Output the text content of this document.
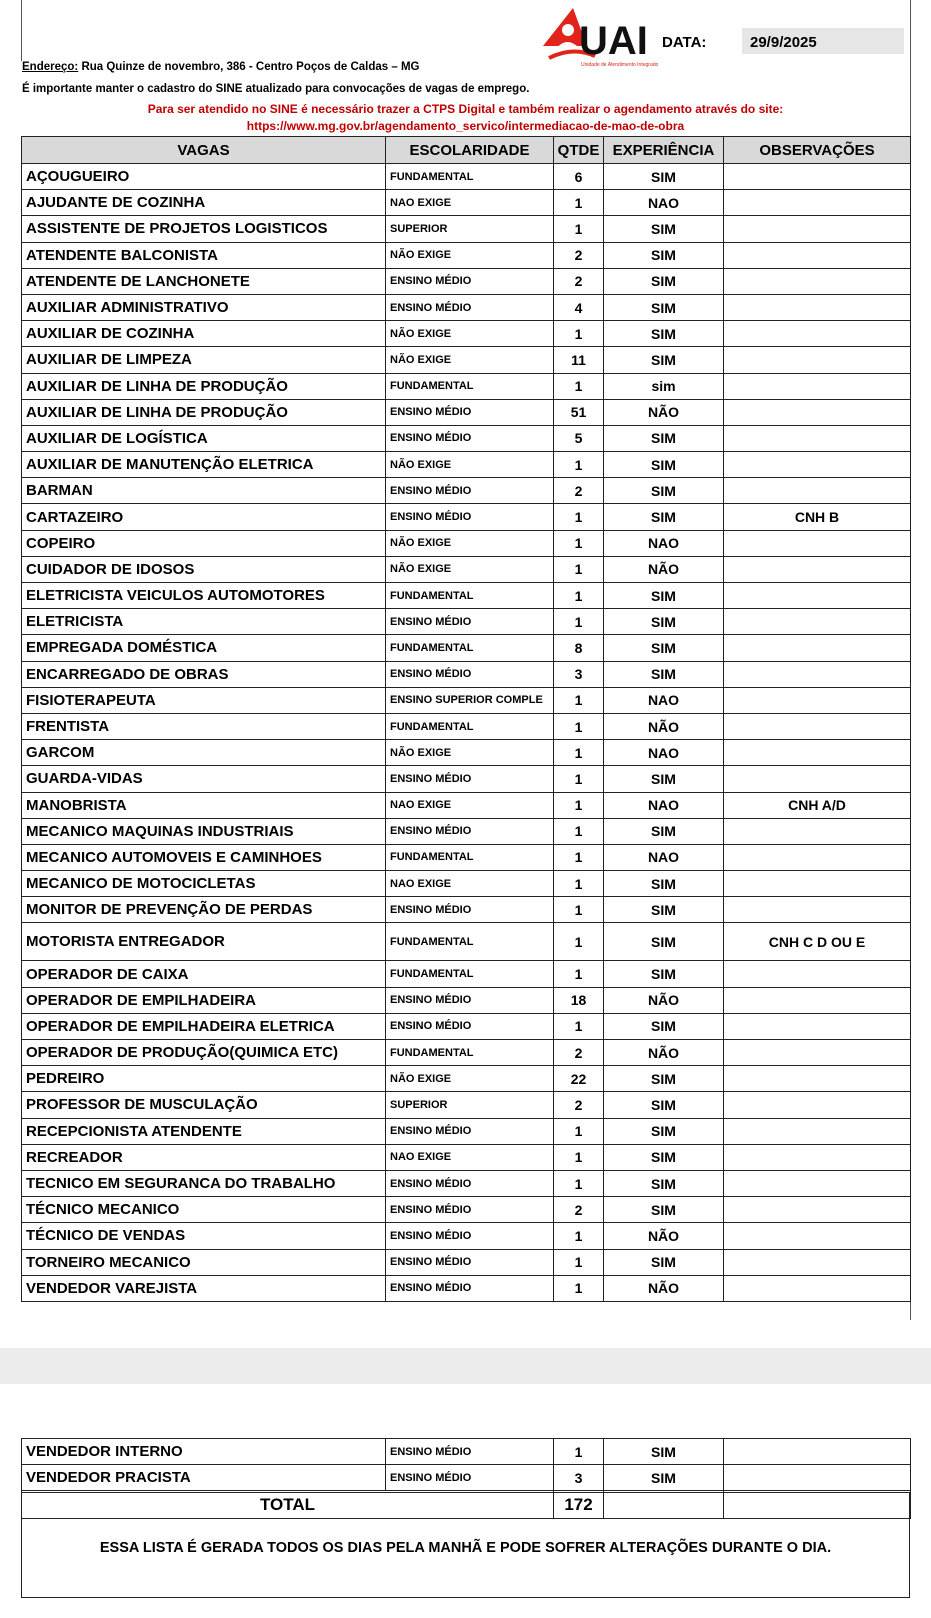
UAI
Unidade de Atendimento Integrado
DATA:	29/9/2025
Endereço: Rua Quinze de novembro, 386 - Centro Poços de Caldas – MG
É importante manter o cadastro do SINE atualizado para convocações de vagas de emprego.
Para ser atendido no SINE é necessário trazer a CTPS Digital e também realizar o agendamento através do site:
https://www.mg.gov.br/agendamento_servico/intermediacao-de-mao-de-obra
VAGAS	ESCOLARIDADE	QTDE	EXPERIÊNCIA	OBSERVAÇÕES
AÇOUGUEIRO	FUNDAMENTAL	6	SIM	
AJUDANTE DE COZINHA	NAO EXIGE	1	NAO	
ASSISTENTE DE PROJETOS LOGISTICOS	SUPERIOR	1	SIM	
ATENDENTE BALCONISTA	NÃO EXIGE	2	SIM	
ATENDENTE DE LANCHONETE	ENSINO MÉDIO	2	SIM	
AUXILIAR ADMINISTRATIVO	ENSINO MÉDIO	4	SIM	
AUXILIAR DE COZINHA	NÃO EXIGE	1	SIM	
AUXILIAR DE LIMPEZA	NÃO EXIGE	11	SIM	
AUXILIAR DE LINHA DE PRODUÇÃO	FUNDAMENTAL	1	sim	
AUXILIAR DE LINHA DE PRODUÇÃO	ENSINO MÉDIO	51	NÃO	
AUXILIAR DE LOGÍSTICA	ENSINO MÉDIO	5	SIM	
AUXILIAR DE MANUTENÇÃO ELETRICA	NÃO EXIGE	1	SIM	
BARMAN	ENSINO MÉDIO	2	SIM	
CARTAZEIRO	ENSINO MÉDIO	1	SIM	CNH B
COPEIRO	NÃO EXIGE	1	NAO	
CUIDADOR DE IDOSOS	NÃO EXIGE	1	NÃO	
ELETRICISTA VEICULOS AUTOMOTORES	FUNDAMENTAL	1	SIM	
ELETRICISTA	ENSINO MÉDIO	1	SIM	
EMPREGADA DOMÉSTICA	FUNDAMENTAL	8	SIM	
ENCARREGADO DE OBRAS	ENSINO MÉDIO	3	SIM	
FISIOTERAPEUTA	ENSINO SUPERIOR COMPLE	1	NAO	
FRENTISTA	FUNDAMENTAL	1	NÃO	
GARCOM	NÃO EXIGE	1	NAO	
GUARDA-VIDAS	ENSINO MÉDIO	1	SIM	
MANOBRISTA	NAO EXIGE	1	NAO	CNH A/D
MECANICO MAQUINAS INDUSTRIAIS	ENSINO MÉDIO	1	SIM	
MECANICO AUTOMOVEIS E CAMINHOES	FUNDAMENTAL	1	NAO	
MECANICO DE MOTOCICLETAS	NAO EXIGE	1	SIM	
MONITOR DE PREVENÇÃO DE PERDAS	ENSINO MÉDIO	1	SIM	
MOTORISTA ENTREGADOR	FUNDAMENTAL	1	SIM	CNH C D OU E
OPERADOR DE CAIXA	FUNDAMENTAL	1	SIM	
OPERADOR DE EMPILHADEIRA	ENSINO MÉDIO	18	NÃO	
OPERADOR DE EMPILHADEIRA ELETRICA	ENSINO MÉDIO	1	SIM	
OPERADOR DE PRODUÇÃO(QUIMICA ETC)	FUNDAMENTAL	2	NÃO	
PEDREIRO	NÃO EXIGE	22	SIM	
PROFESSOR DE MUSCULAÇÃO	SUPERIOR	2	SIM	
RECEPCIONISTA ATENDENTE	ENSINO MÉDIO	1	SIM	
RECREADOR	NAO EXIGE	1	SIM	
TECNICO EM SEGURANCA DO TRABALHO	ENSINO MÉDIO	1	SIM	
TÉCNICO MECANICO	ENSINO MÉDIO	2	SIM	
TÉCNICO DE VENDAS	ENSINO MÉDIO	1	NÃO	
TORNEIRO MECANICO	ENSINO MÉDIO	1	SIM	
VENDEDOR VAREJISTA	ENSINO MÉDIO	1	NÃO	
VENDEDOR INTERNO	ENSINO MÉDIO	1	SIM	
VENDEDOR PRACISTA	ENSINO MÉDIO	3	SIM	
TOTAL		172		
ESSA LISTA É GERADA TODOS OS DIAS PELA MANHÃ E PODE SOFRER ALTERAÇÕES DURANTE O DIA.
